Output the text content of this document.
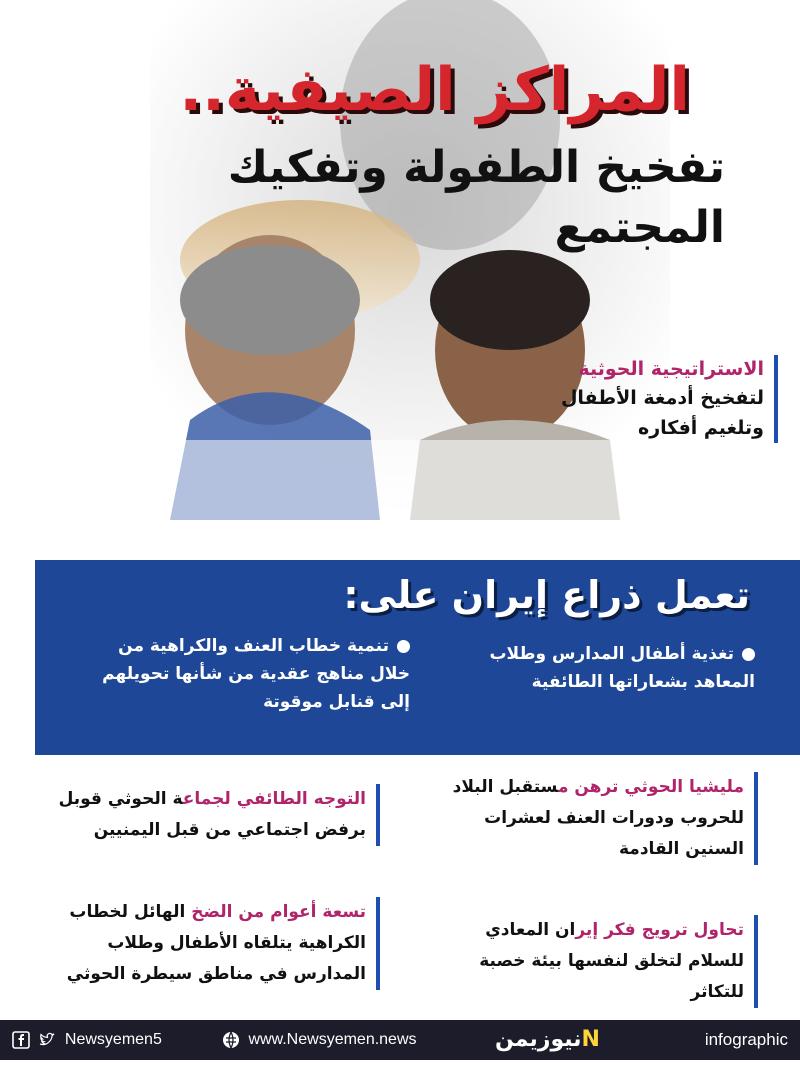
المراكز الصيفية..
تفخيخ الطفولة وتفكيك المجتمع
الاستراتيجية الحوثية
لتفخيخ أدمغة الأطفال
وتلغيم أفكاره
تعمل ذراع إيران على:
تغذية أطفال المدارس وطلاب المعاهد بشعاراتها الطائفية
تنمية خطاب العنف والكراهية من خلال مناهج عقدية من شأنها تحويلهم إلى قنابل موقوتة
مليشيا الحوثي ترهن مستقبل البلاد للحروب ودورات العنف لعشرات السنين القادمة
التوجه الطائفي لجماعة الحوثي قوبل برفض اجتماعي من قبل اليمنيين
تحاول ترويج فكر إيران المعادي للسلام لتخلق لنفسها بيئة خصبة للتكاثر
تسعة أعوام من الضخ الهائل لخطاب الكراهية يتلقاه الأطفال وطلاب المدارس في مناطق سيطرة الحوثي
Newsyemen5	www.Newsyemen.news	Nنيوزيمن	infographic
